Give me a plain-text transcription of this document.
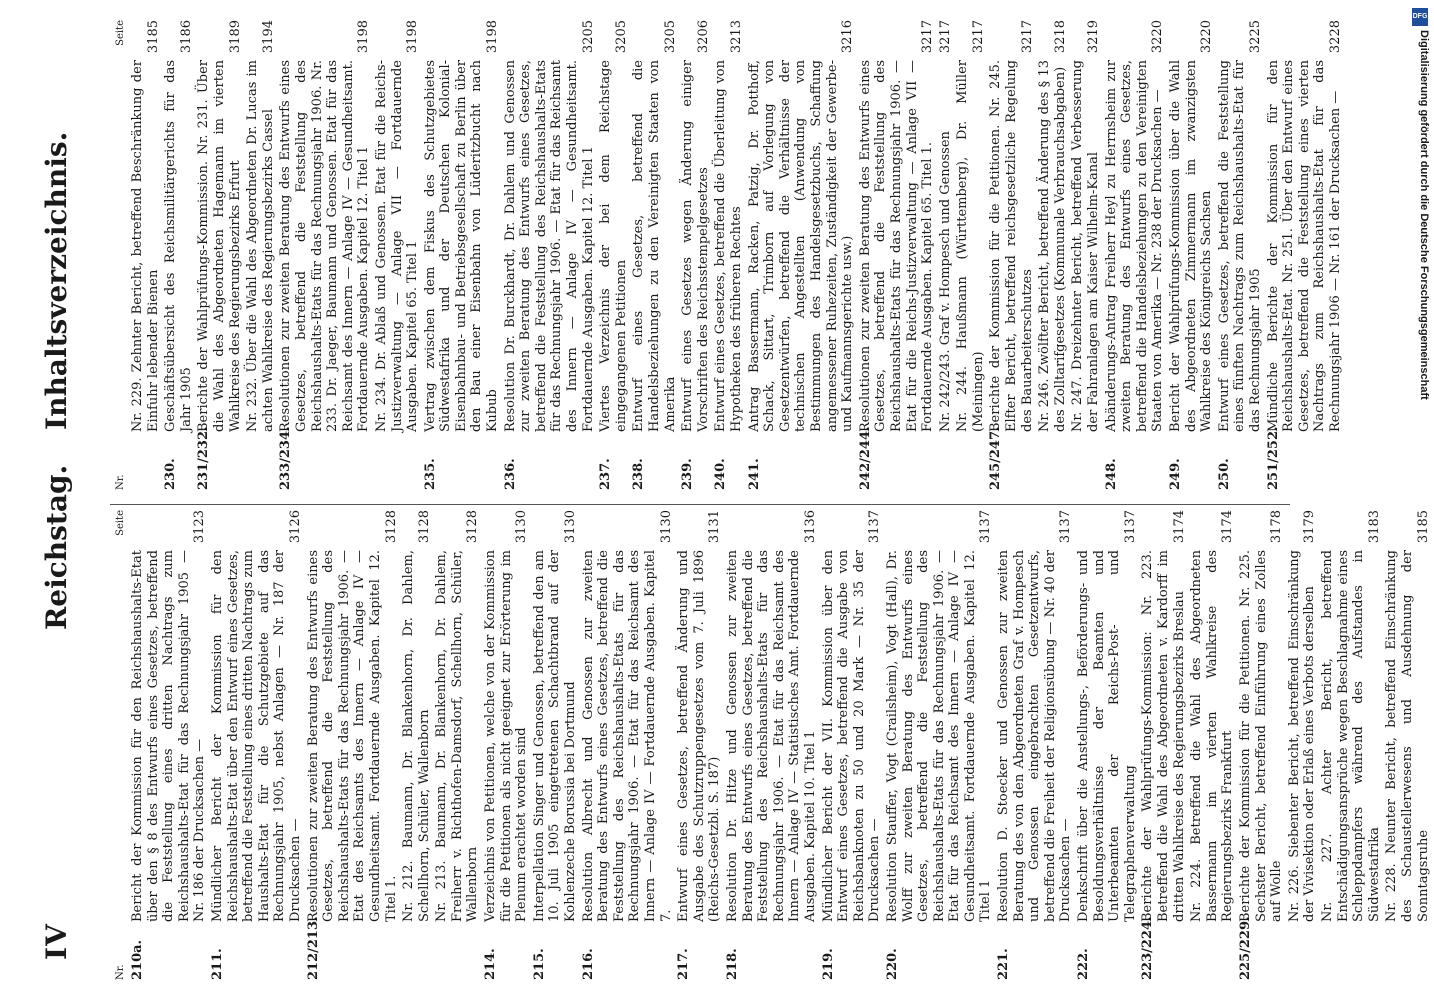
IV
Reichstag.
Inhaltsverzeichnis.
Nr.
Seite
210a.
Bericht der Kommission für den Reichshaushalts-Etat über den § 8 des Entwurfs eines Gesetzes, betreffend die Feststellung eines dritten Nachtrags zum Reichshaushalts-Etat für das Rechnungsjahr 1905 — Nr. 186 der Drucksachen —
3123
211.
Mündlicher Bericht der Kommission für den Reichshaushalts-Etat über den Entwurf eines Gesetzes, betreffend die Feststellung eines dritten Nachtrags zum Haushalts-Etat für die Schutzgebiete auf das Rechnungsjahr 1905, nebst Anlagen — Nr. 187 der Drucksachen —
3126
212/213.
Resolutionen zur zweiten Beratung des Entwurfs eines Gesetzes, betreffend die Feststellung des Reichshaushalts-Etats für das Rechnungsjahr 1906. — Etat des Reichsamts des Innern — Anlage IV — Gesundheitsamt. Fortdauernde Ausgaben. Kapitel 12. Titel 1.
3128
Nr. 212. Baumann, Dr. Blankenhorn, Dr. Dahlem, Schellhorn, Schüler, Wallenborn
3128
Nr. 213. Baumann, Dr. Blankenhorn, Dr. Dahlem, Freiherr v. Richthofen-Damsdorf, Schellhorn, Schüler, Wallenborn
3128
214.
Verzeichnis von Petitionen, welche von der Kommission für die Petitionen als nicht geeignet zur Erörterung im Plenum erachtet worden sind
3130
215.
Interpellation Singer und Genossen, betreffend den am 10. Juli 1905 eingetretenen Schachtbrand auf der Kohlenzeche Borussia bei Dortmund
3130
216.
Resolution Albrecht und Genossen zur zweiten Beratung des Entwurfs eines Gesetzes, betreffend die Feststellung des Reichshaushalts-Etats für das Rechnungsjahr 1906. — Etat für das Reichsamt des Innern — Anlage IV — Fortdauernde Ausgaben. Kapitel 7.
3130
217.
Entwurf eines Gesetzes, betreffend Änderung und Ausgabe des Schutzruppengesetzes vom 7. Juli 1896 (Reichs-Gesetzbl. S. 187)
3131
218.
Resolution Dr. Hitze und Genossen zur zweiten Beratung des Entwurfs eines Gesetzes, betreffend die Feststellung des Reichshaushalts-Etats für das Rechnungsjahr 1906. — Etat für das Reichsamt des Innern — Anlage IV — Statistisches Amt. Fortdauernde Ausgaben. Kapitel 10. Titel 1
3136
219.
Mündlicher Bericht der VII. Kommission über den Entwurf eines Gesetzes, betreffend die Ausgabe von Reichsbanknoten zu 50 und 20 Mark — Nr. 35 der Drucksachen —
3137
220.
Resolution Stauffer, Vogt (Crailsheim), Vogt (Hall), Dr. Wolff zur zweiten Beratung des Entwurfs eines Gesetzes, betreffend die Feststellung des Reichshaushalts-Etats für das Rechnungsjahr 1906. — Etat für das Reichsamt des Innern — Anlage IV — Gesundheitsamt. Fortdauernde Ausgaben. Kapitel 12. Titel 1
3137
221.
Resolution D. Stoecker und Genossen zur zweiten Beratung des von den Abgeordneten Graf v. Hompesch und Genossen eingebrachten Gesetzentwurfs, betreffend die Freiheit der Religionsübung — Nr. 40 der Drucksachen —
3137
222.
Denkschrift über die Anstellungs-, Beförderungs- und Besoldungsverhältnisse der Beamten und Unterbeamten der Reichs-Post- und Telegraphenverwaltung
3137
223/224.
Berichte der Wahlprüfungs-Kommission: Nr. 223. Betreffend die Wahl des Abgeordneten v. Kardorff im dritten Wahlkreise des Regierungsbezirks Breslau
3174
Nr. 224. Betreffend die Wahl des Abgeordneten Bassermann im vierten Wahlkreise des Regierungsbezirks Frankfurt
3174
225/229.
Berichte der Kommission für die Petitionen. Nr. 225. Sechster Bericht, betreffend Einführung eines Zolles auf Wolle
3178
Nr. 226. Siebenter Bericht, betreffend Einschränkung der Vivisektion oder Erlaß eines Verbots derselben
3179
Nr. 227. Achter Bericht, betreffend Entschädigungsansprüche wegen Beschlagnahme eines Schleppdampfers während des Aufstandes in Südwestafrika
3183
Nr. 228. Neunter Bericht, betreffend Einschränkung des Schaustellerwesens und Ausdehnung der Sonntagsruhe
3185
Nr.
Seite
Nr. 229. Zehnter Bericht, betreffend Beschränkung der Einfuhr lebender Bienen
3185
230.
Geschäftsübersicht des Reichsmilitärgerichts für das Jahr 1905
3186
231/232.
Berichte der Wahlprüfungs-Kommission. Nr. 231. Über die Wahl des Abgeordneten Hagemann im vierten Wahlkreise des Regierungsbezirks Erfurt
3189
Nr. 232. Über die Wahl des Abgeordneten Dr. Lucas im achten Wahlkreise des Regierungsbezirks Cassel
3194
233/234.
Resolutionen zur zweiten Beratung des Entwurfs eines Gesetzes, betreffend die Feststellung des Reichshaushalts-Etats für das Rechnungsjahr 1906. Nr. 233. Dr. Jaeger, Baumann und Genossen. Etat für das Reichsamt des Innern — Anlage IV — Gesundheitsamt. Fortdauernde Ausgaben. Kapitel 12. Titel 1
3198
Nr. 234. Dr. Ablaß und Genossen. Etat für die Reichs-Justizverwaltung — Anlage VII — Fortdauernde Ausgaben. Kapitel 65. Titel 1
3198
235.
Vertrag zwischen dem Fiskus des Schutzgebietes Südwestafrika und der Deutschen Kolonial-Eisenbahnbau- und Betriebsgesellschaft zu Berlin über den Bau einer Eisenbahn von Lüderitzbucht nach Kubub
3198
236.
Resolution Dr. Burckhardt, Dr. Dahlem und Genossen zur zweiten Beratung des Entwurfs eines Gesetzes, betreffend die Feststellung des Reichshaushalts-Etats für das Rechnungsjahr 1906. — Etat für das Reichsamt des Innern — Anlage IV — Gesundheitsamt. Fortdauernde Ausgaben. Kapitel 12. Titel 1
3205
237.
Viertes Verzeichnis der bei dem Reichstage eingegangenen Petitionen
3205
238.
Entwurf eines Gesetzes, betreffend die Handelsbeziehungen zu den Vereinigten Staaten von Amerika
3205
239.
Entwurf eines Gesetzes wegen Änderung einiger Vorschriften des Reichsstempelgesetzes
3206
240.
Entwurf eines Gesetzes, betreffend die Überleitung von Hypotheken des früheren Rechtes
3213
241.
Antrag Bassermann, Racken, Patzig, Dr. Potthoff, Schack, Sittart, Trimborn auf Vorlegung von Gesetzentwürfen, betreffend die Verhältnisse der technischen Angestellten (Anwendung von Bestimmungen des Handelsgesetzbuchs, Schaffung angemessener Ruhezeiten, Zuständigkeit der Gewerbe- und Kaufmannsgerichte usw.)
3216
242/244.
Resolutionen zur zweiten Beratung des Entwurfs eines Gesetzes, betreffend die Feststellung des Reichshaushalts-Etats für das Rechnungsjahr 1906. — Etat für die Reichs-Justizverwaltung — Anlage VII — Fortdauernde Ausgaben. Kapitel 65. Titel 1.
3217
Nr. 242/243. Graf v. Hompesch und Genossen
3217
Nr. 244. Haußmann (Württemberg), Dr. Müller (Meiningen)
3217
245/247.
Berichte der Kommission für die Petitionen. Nr. 245. Elfter Bericht, betreffend reichsgesetzliche Regelung des Bauarbeiterschutzes
3217
Nr. 246. Zwölfter Bericht, betreffend Änderung des § 13 des Zolltarifgesetzes (Kommunale Verbrauchsabgaben)
3218
Nr. 247. Dreizehnter Bericht, betreffend Verbesserung der Fahranlagen am Kaiser Wilhelm-Kanal
3219
248.
Abänderungs-Antrag Freiherr Heyl zu Herrnsheim zur zweiten Beratung des Entwurfs eines Gesetzes, betreffend die Handelsbeziehungen zu den Vereinigten Staaten von Amerika — Nr. 238 der Drucksachen —
3220
249.
Bericht der Wahlprüfungs-Kommission über die Wahl des Abgeordneten Zimmermann im zwanzigsten Wahlkreise des Königreichs Sachsen
3220
250.
Entwurf eines Gesetzes, betreffend die Feststellung eines fünften Nachtrags zum Reichshaushalts-Etat für das Rechnungsjahr 1905
3225
251/252.
Mündliche Berichte der Kommission für den Reichshaushalts-Etat. Nr. 251. Über den Entwurf eines Gesetzes, betreffend die Feststellung eines vierten Nachtrags zum Reichshaushalts-Etat für das Rechnungsjahr 1906 — Nr. 161 der Drucksachen —
3228
DFG
Digitalisierung gefördert durch die Deutsche Forschungsgemeinschaft
